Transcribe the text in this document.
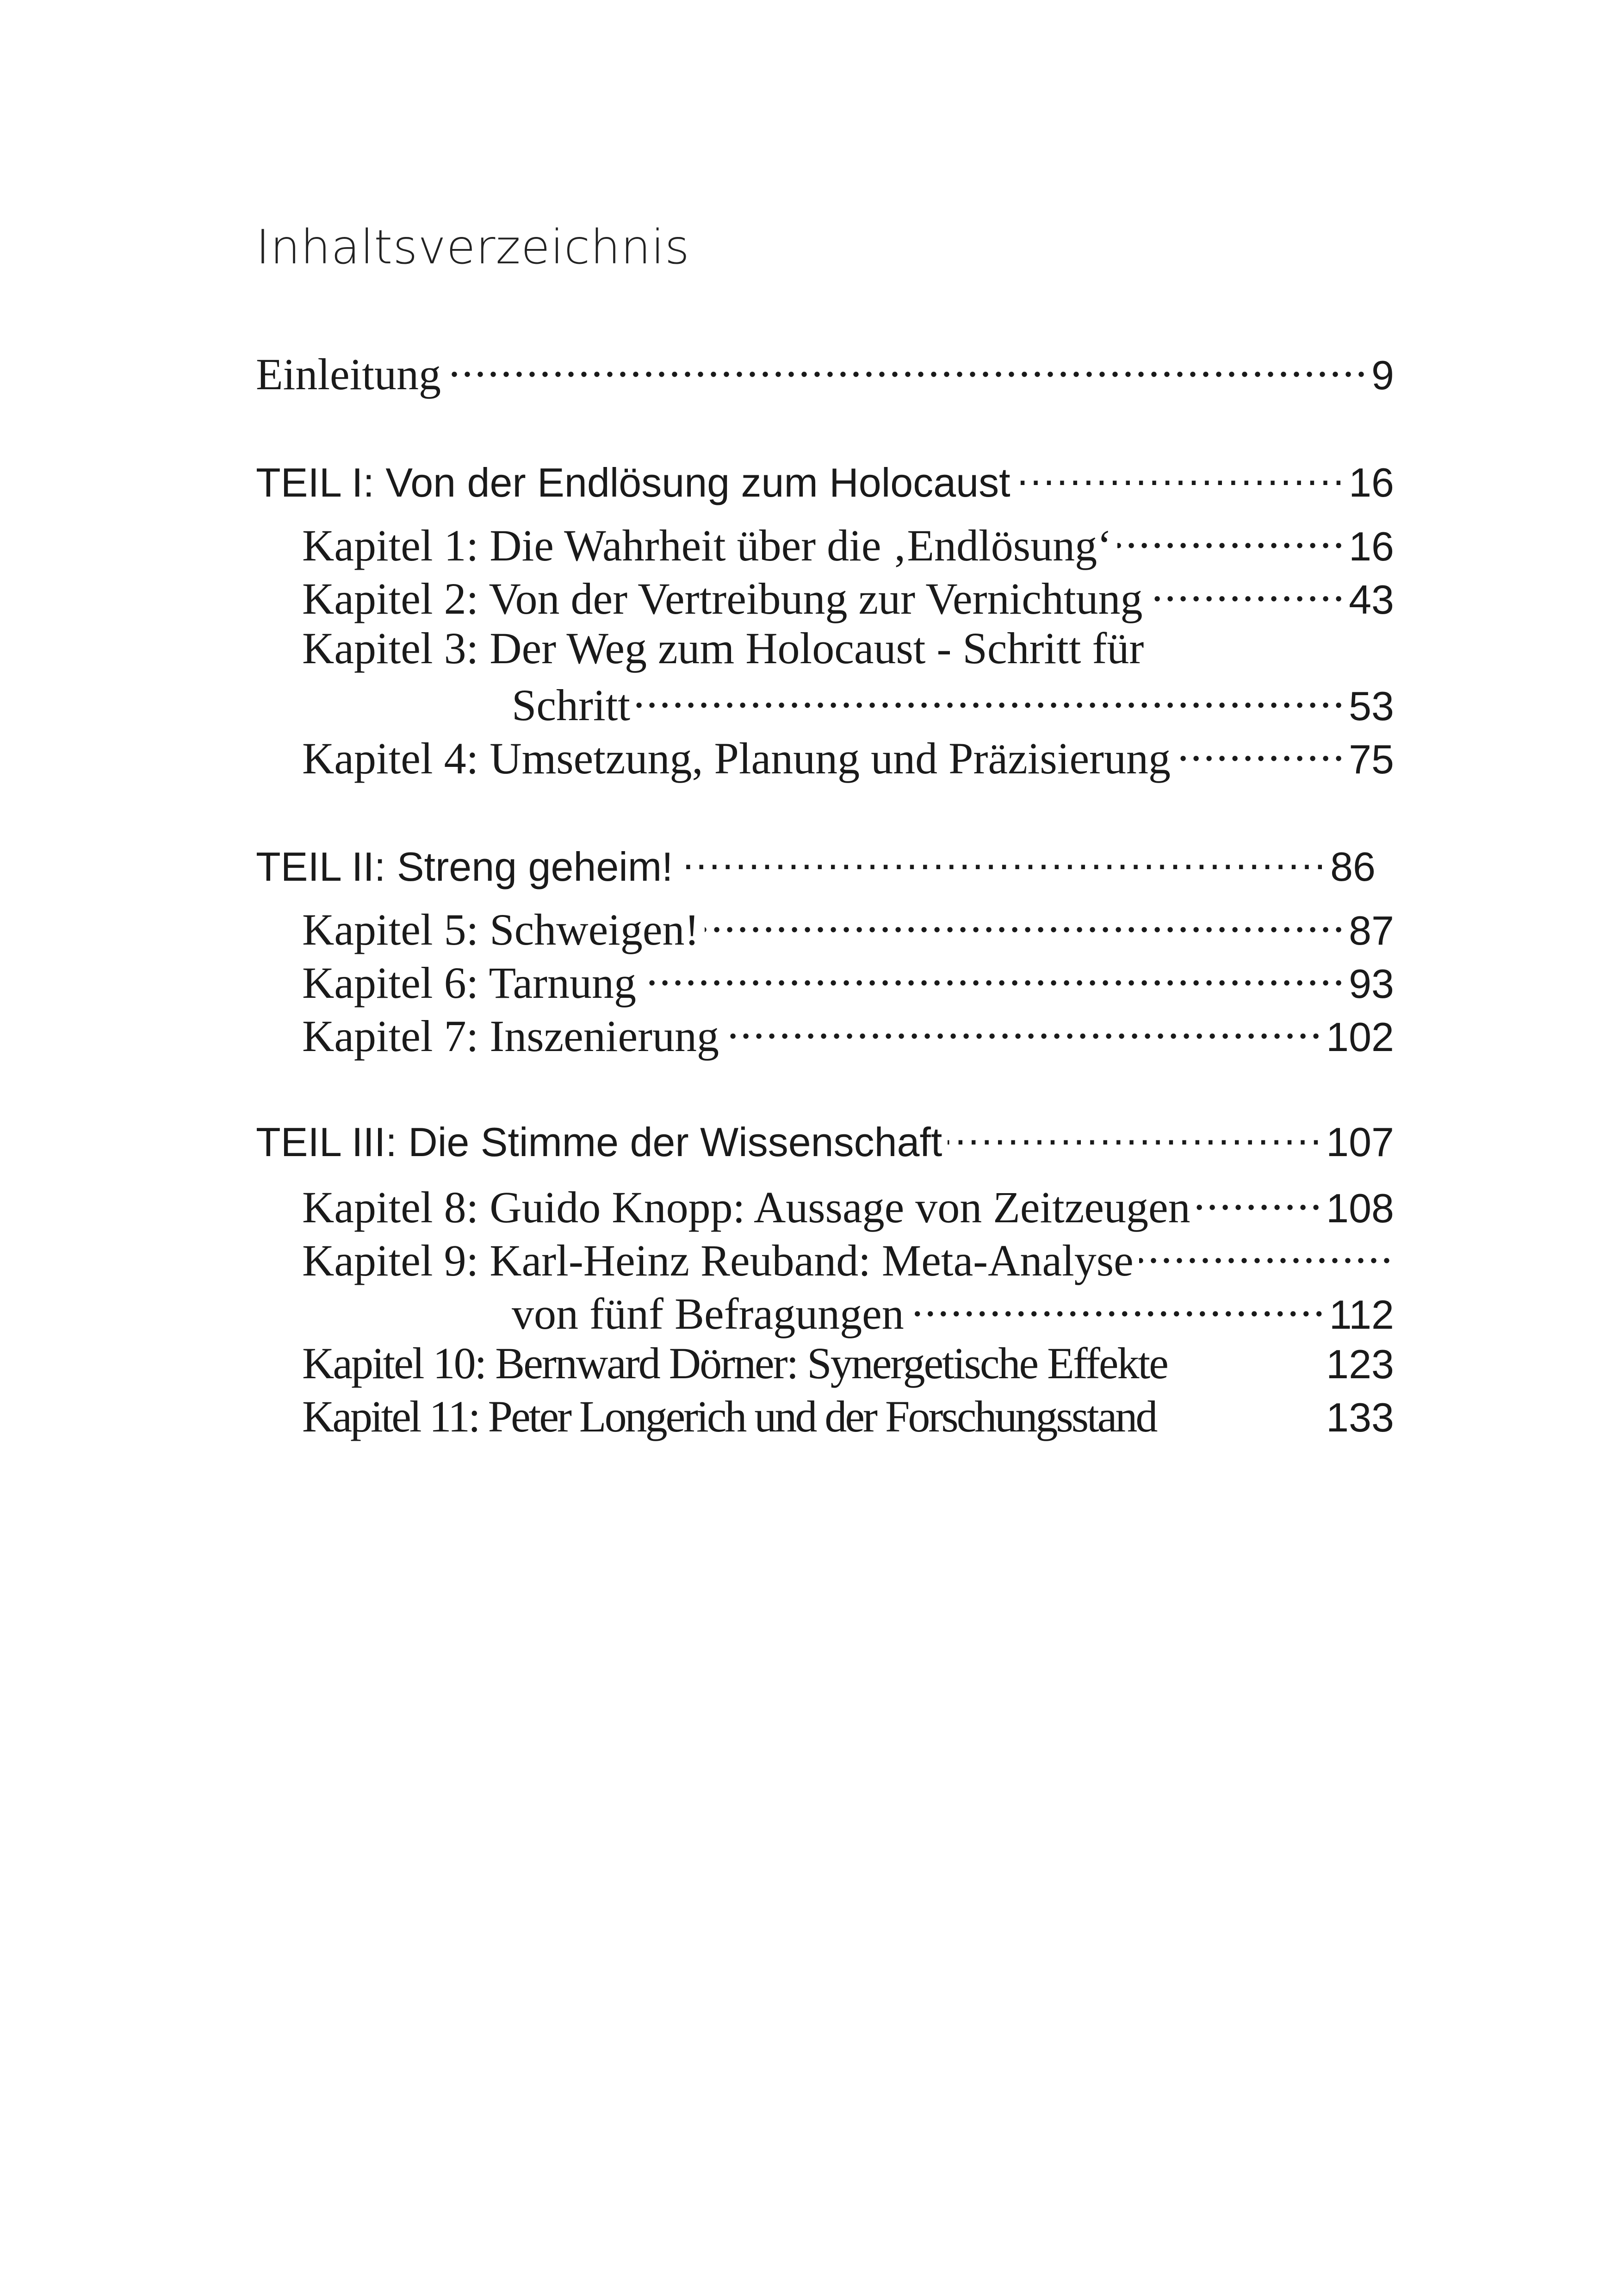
Inhaltsverzeichnis
Einleitung .....	9
TEIL I: Von der Endlösung zum Holocaust .....	16
Kapitel 1: Die Wahrheit über die ‚Endlösung‘ .....	16
Kapitel 2: Von der Vertreibung zur Vernichtung .....	43
Kapitel 3: Der Weg zum Holocaust - Schritt für
Schritt .....	53
Kapitel 4: Umsetzung, Planung und Präzisierung .....	75
TEIL II: Streng geheim! .....	86
Kapitel 5: Schweigen! .....	87
Kapitel 6: Tarnung .....	93
Kapitel 7: Inszenierung .....	102
TEIL III: Die Stimme der Wissenschaft .....	107
Kapitel 8: Guido Knopp: Aussage von Zeitzeugen .....	108
Kapitel 9: Karl-Heinz Reuband: Meta-Analyse
.....
von fünf Befragungen .....	112
Kapitel 10: Bernward Dörner: Synergetische Effekte	123
Kapitel 11: Peter Longerich und der Forschungsstand	133
